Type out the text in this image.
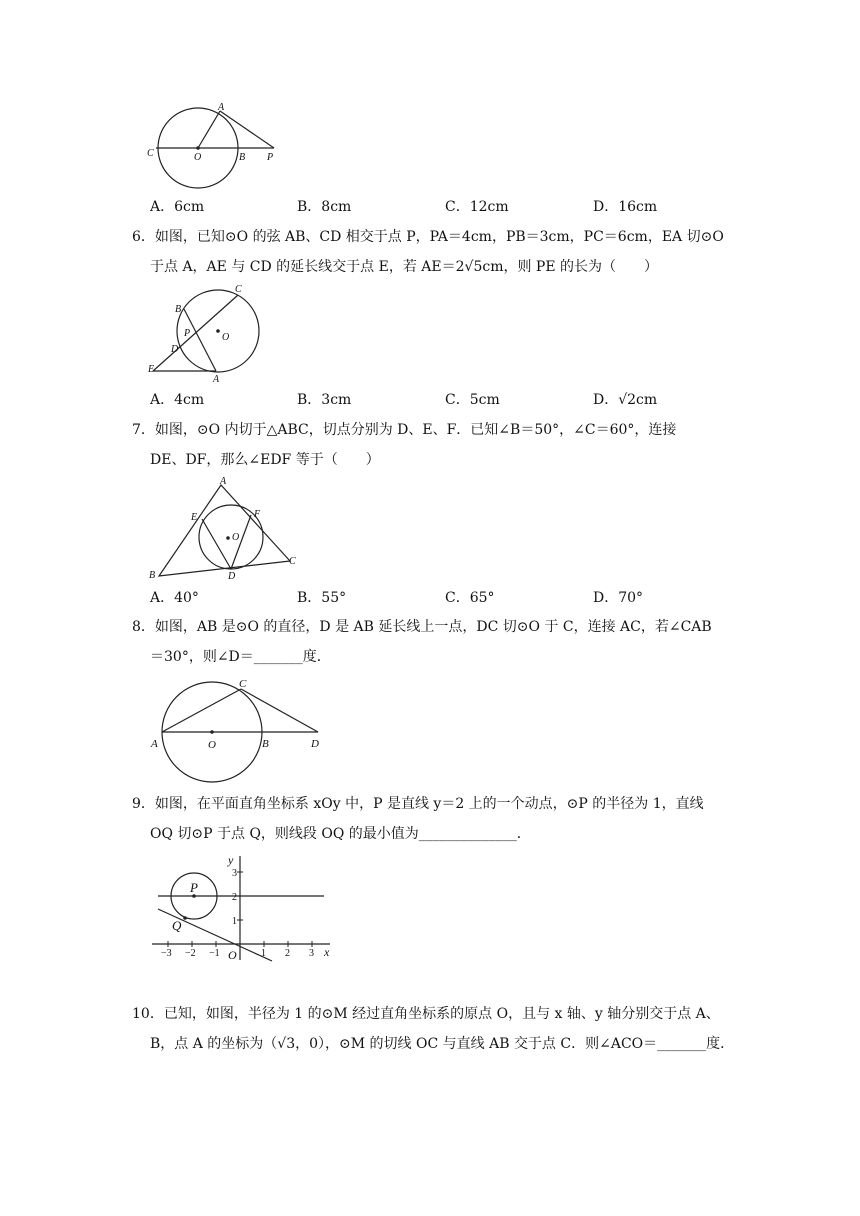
A
C	O	B P
A．6cm	B．8cm	C．12cm	D．16cm
6．如图，已知⊙O 的弦 AB、CD 相交于点 P，PA＝4cm，PB＝3cm，PC＝6cm，EA 切⊙O
于点 A，AE 与 CD 的延长线交于点 E，若 AE＝2√5cm，则 PE 的长为（　　）
B
C
P	O
D
E
A
A．4cm	B．3cm	C．5cm	D．√2cm
7．如图，⊙O 内切于△ABC，切点分别为 D、E、F．已知∠B＝50°，∠C＝60°，连接
DE、DF，那么∠EDF 等于（　　）
A
E	F
O
B	D
C
A．40°	B．55°	C．65°	D．70°
8．如图，AB 是⊙O 的直径，D 是 AB 延长线上一点，DC 切⊙O 于 C，连接 AC，若∠CAB
＝30°，则∠D＝_______度．
C
A	O	B	D
9．如图，在平面直角坐标系 xOy 中，P 是直线 y＝2 上的一个动点，⊙P 的半径为 1，直线
OQ 切⊙P 于点 Q，则线段 OQ 的最小值为______________．
y
x
P
Q
O
3
2
1
−3 −2 −1	1 2 3
10．已知，如图，半径为 1 的⊙M 经过直角坐标系的原点 O，且与 x 轴、y 轴分别交于点 A、
B，点 A 的坐标为（√3，0），⊙M 的切线 OC 与直线 AB 交于点 C．则∠ACO＝_______度．
